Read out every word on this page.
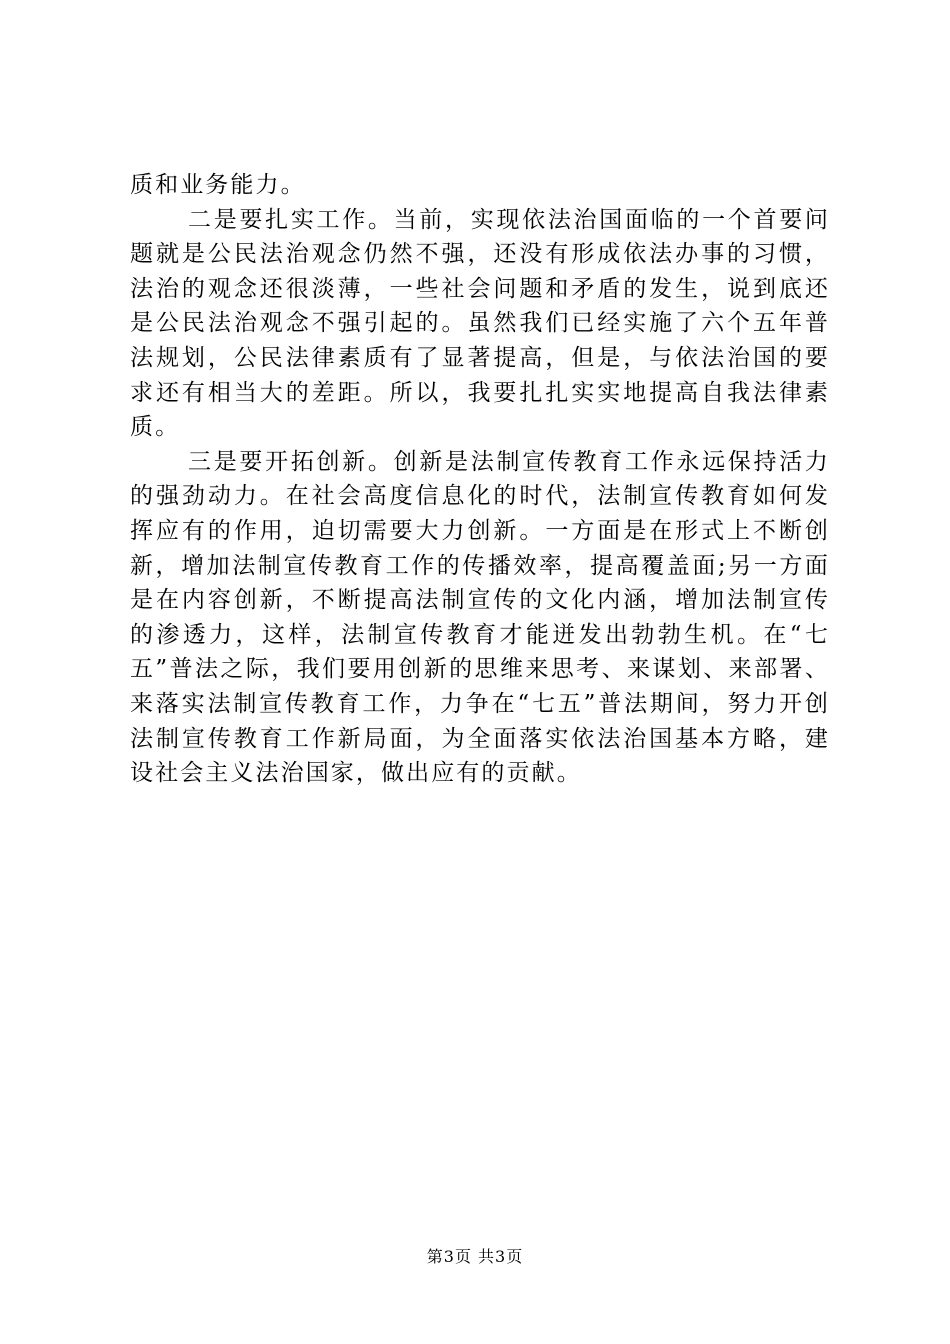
质和业务能力。

二是要扎实工作。当前，实现依法治国面临的一个首要问题就是公民法治观念仍然不强，还没有形成依法办事的习惯，法治的观念还很淡薄，一些社会问题和矛盾的发生，说到底还是公民法治观念不强引起的。虽然我们已经实施了六个五年普法规划，公民法律素质有了显著提高，但是，与依法治国的要求还有相当大的差距。所以，我要扎扎实实地提高自我法律素质。

三是要开拓创新。创新是法制宣传教育工作永远保持活力的强劲动力。在社会高度信息化的时代，法制宣传教育如何发挥应有的作用，迫切需要大力创新。一方面是在形式上不断创新，增加法制宣传教育工作的传播效率，提高覆盖面;另一方面是在内容创新，不断提高法制宣传的文化内涵，增加法制宣传的渗透力，这样，法制宣传教育才能迸发出勃勃生机。在“七五”普法之际，我们要用创新的思维来思考、来谋划、来部署、来落实法制宣传教育工作，力争在“七五”普法期间，努力开创法制宣传教育工作新局面，为全面落实依法治国基本方略，建设社会主义法治国家，做出应有的贡献。

第3页 共3页
